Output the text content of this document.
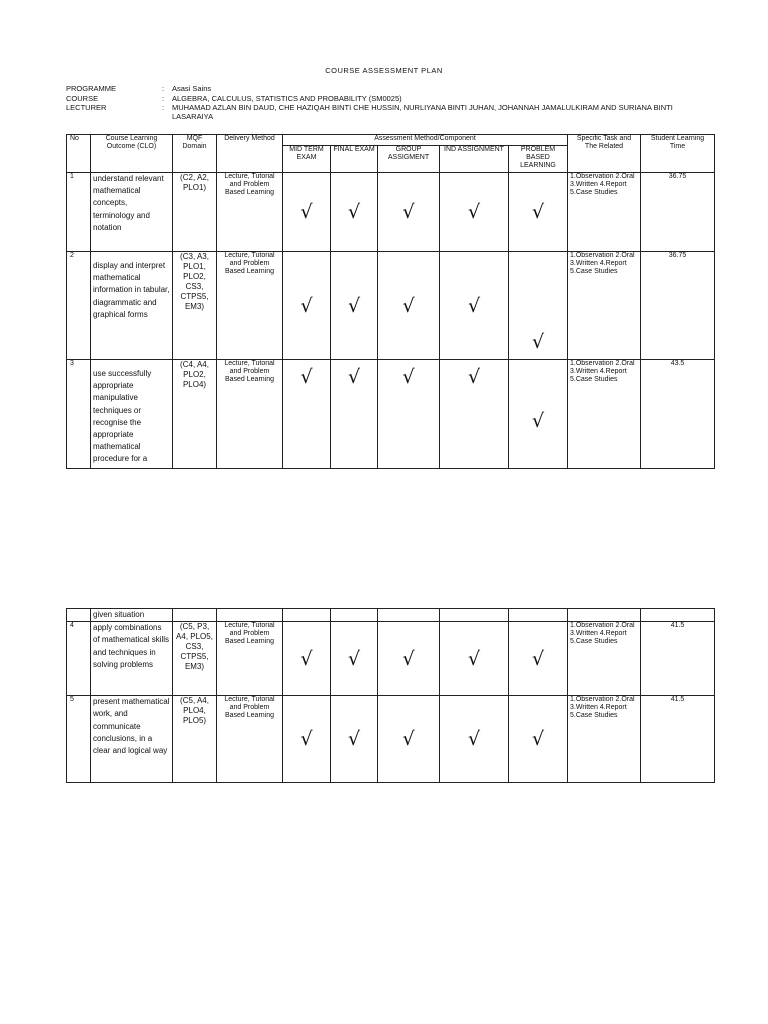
COURSE ASSESSMENT PLAN
PROGRAMME	: Asasi Sains
COURSE	: ALGEBRA, CALCULUS, STATISTICS AND PROBABILITY (SM0025)
LECTURER	: MUHAMAD AZLAN BIN DAUD, CHE HAZIQAH BINTI CHE HUSSIN, NURLIYANA BINTI JUHAN, JOHANNAH JAMALULKIRAM AND SURIANA BINTI LASARAIYA
No	Course Learning Outcome (CLO)	MQF Domain	Delivery Method	Assessment Method/Component					Specific Task and The Related	Student Learning Time
				MID TERM EXAM	FINAL EXAM	GROUP ASSIGMENT	IND ASSIGNMENT	PROBLEM BASED LEARNING		
1	understand relevant mathematical concepts, terminology and notation	(C2, A2, PLO1)	Lecture, Tutorial and Problem Based Learning	√	√	√	√	√	1.Observation 2.Oral 3.Written 4.Report 5.Case Studies	36.75
2	display and interpret mathematical information in tabular, diagrammatic and graphical forms	(C3, A3, PLO1, PLO2, CS3, CTPS5, EM3)	Lecture, Tutorial and Problem Based Learning	√	√	√	√	√	1.Observation 2.Oral 3.Written 4.Report 5.Case Studies	36.75
3	use successfully appropriate manipulative techniques or recognise the appropriate mathematical procedure for a	(C4, A4, PLO2, PLO4)	Lecture, Tutorial and Problem Based Learning	√	√	√	√	√	1.Observation 2.Oral 3.Written 4.Report 5.Case Studies	43.5
	given situation									
4	apply combinations of mathematical skills and techniques in solving problems	(C5, P3, A4, PLO5, CS3, CTPS5, EM3)	Lecture, Tutorial and Problem Based Learning	√	√	√	√	√	1.Observation 2.Oral 3.Written 4.Report 5.Case Studies	41.5
5	present mathematical work, and communicate conclusions, in a clear and logical way	(C5, A4, PLO4, PLO5)	Lecture, Tutorial and Problem Based Learning	√	√	√	√	√	1.Observation 2.Oral 3.Written 4.Report 5.Case Studies	41.5
